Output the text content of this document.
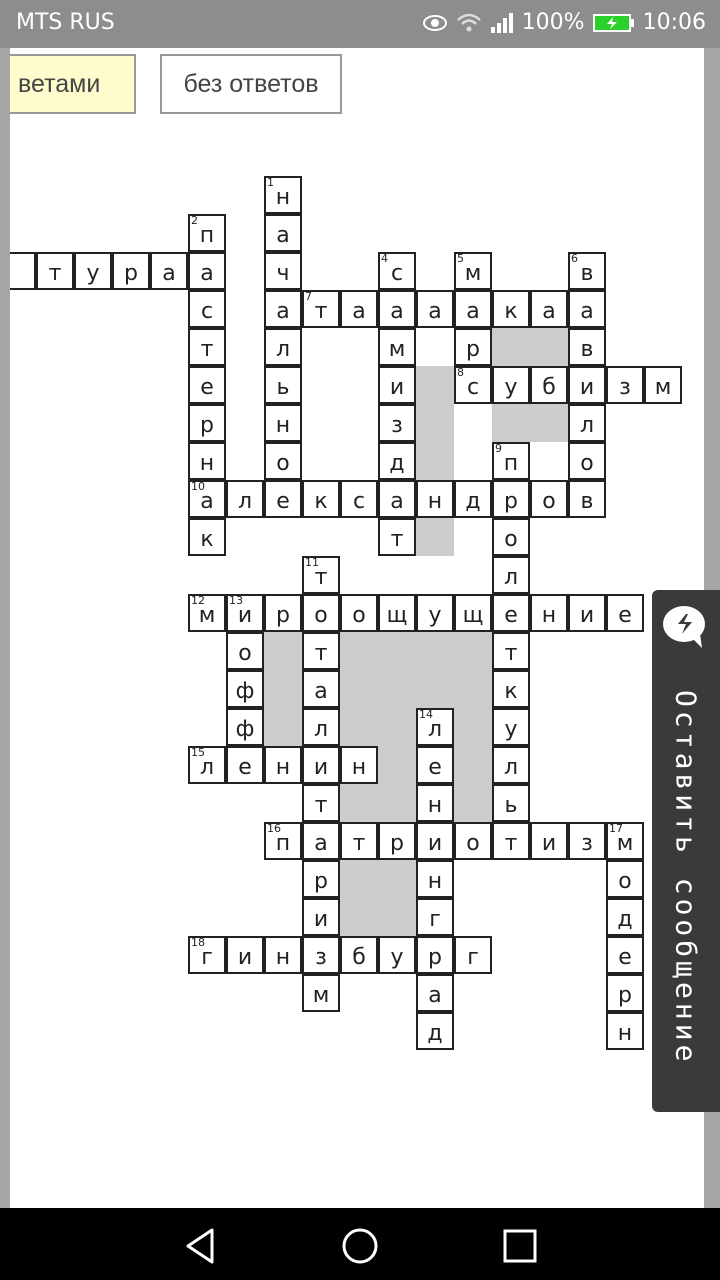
MTS RUS	100%	10:06
ветами	без ответов
н
1
а
ч
а
л
ь
н
о
п
2
а
с
т
е
р
н
а
10
к
с
4
а
м
и
з
д
а
т
м
5
а
р
с
8
в
6
а
в
и
л
о
в
т
7
а	а	к а
у б	з м
п
9
р
о
л
е
т
к
у
л
ь
т
л е к с	н д	о
т
11
о
т
а
л
и
т
а
р
и
з
м
м
12
и
13
р	о щ у щ	н и е
о
ф
ф	л
14
е
н
и
н
г
р
а
д
л
15
е н	н
п
16
т р	о	и з м
17
о
д
е
р
н
г
18
и н	б у	г
т у р а
Оставить сообщение
